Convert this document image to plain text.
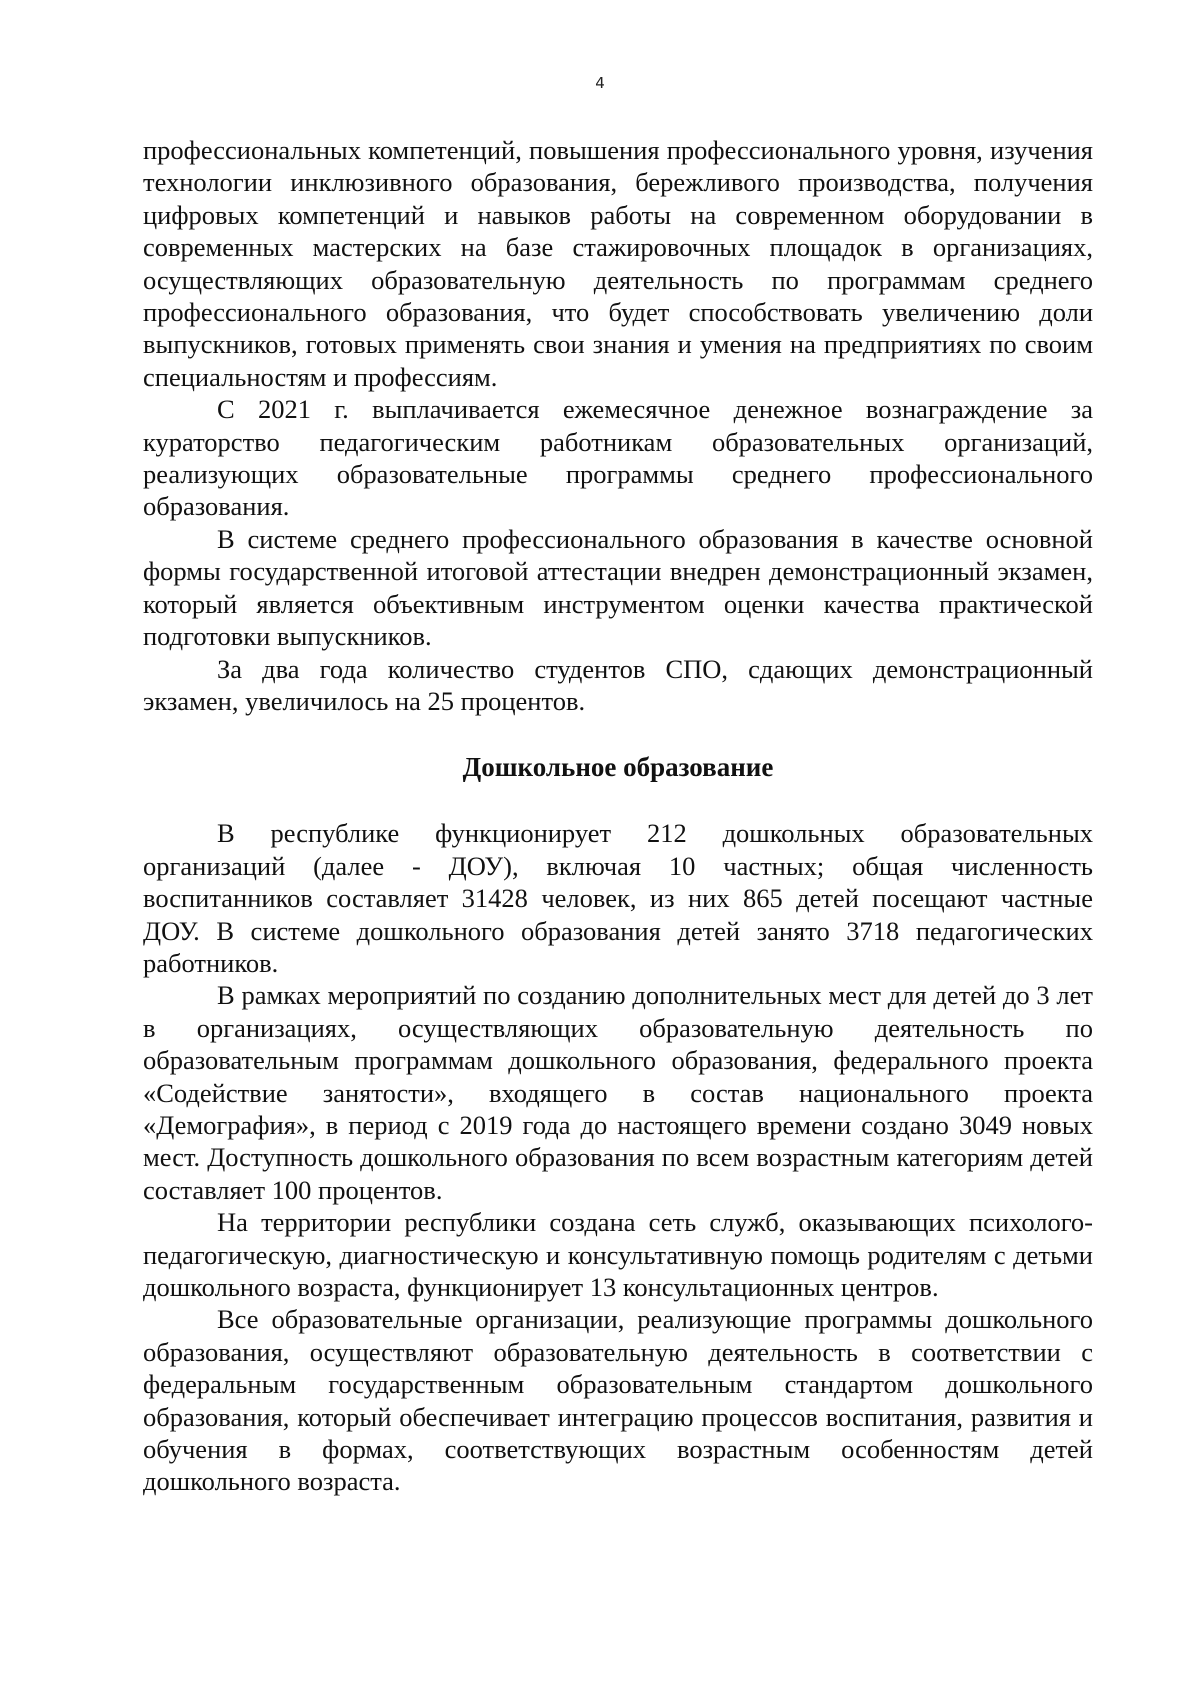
4

профессиональных компетенций, повышения профессионального уровня, изучения технологии инклюзивного образования, бережливого производства, получения цифровых компетенций и навыков работы на современном оборудовании в современных мастерских на базе стажировочных площадок в организациях, осуществляющих образовательную деятельность по программам среднего профессионального образования, что будет способствовать увеличению доли выпускников, готовых применять свои знания и умения на предприятиях по своим специальностям и профессиям.

С 2021 г. выплачивается ежемесячное денежное вознаграждение за кураторство педагогическим работникам образовательных организаций, реализующих образовательные программы среднего профессионального образования.

В системе среднего профессионального образования в качестве основной формы государственной итоговой аттестации внедрен демонстрационный экзамен, который является объективным инструментом оценки качества практической подготовки выпускников.

За два года количество студентов СПО, сдающих демонстрационный экзамен, увеличилось на 25 процентов.

Дошкольное образование

В республике функционирует 212 дошкольных образовательных организаций (далее - ДОУ), включая 10 частных; общая численность воспитанников составляет 31428 человек, из них 865 детей посещают частные ДОУ. В системе дошкольного образования детей занято 3718 педагогических работников.

В рамках мероприятий по созданию дополнительных мест для детей до 3 лет в организациях, осуществляющих образовательную деятельность по образовательным программам дошкольного образования, федерального проекта «Содействие занятости», входящего в состав национального проекта «Демография», в период с 2019 года до настоящего времени создано 3049 новых мест. Доступность дошкольного образования по всем возрастным категориям детей составляет 100 процентов.

На территории республики создана сеть служб, оказывающих психолого-педагогическую, диагностическую и консультативную помощь родителям с детьми дошкольного возраста, функционирует 13 консультационных центров.

Все образовательные организации, реализующие программы дошкольного образования, осуществляют образовательную деятельность в соответствии с федеральным государственным образовательным стандартом дошкольного образования, который обеспечивает интеграцию процессов воспитания, развития и обучения в формах, соответствующих возрастным особенностям детей дошкольного возраста.
